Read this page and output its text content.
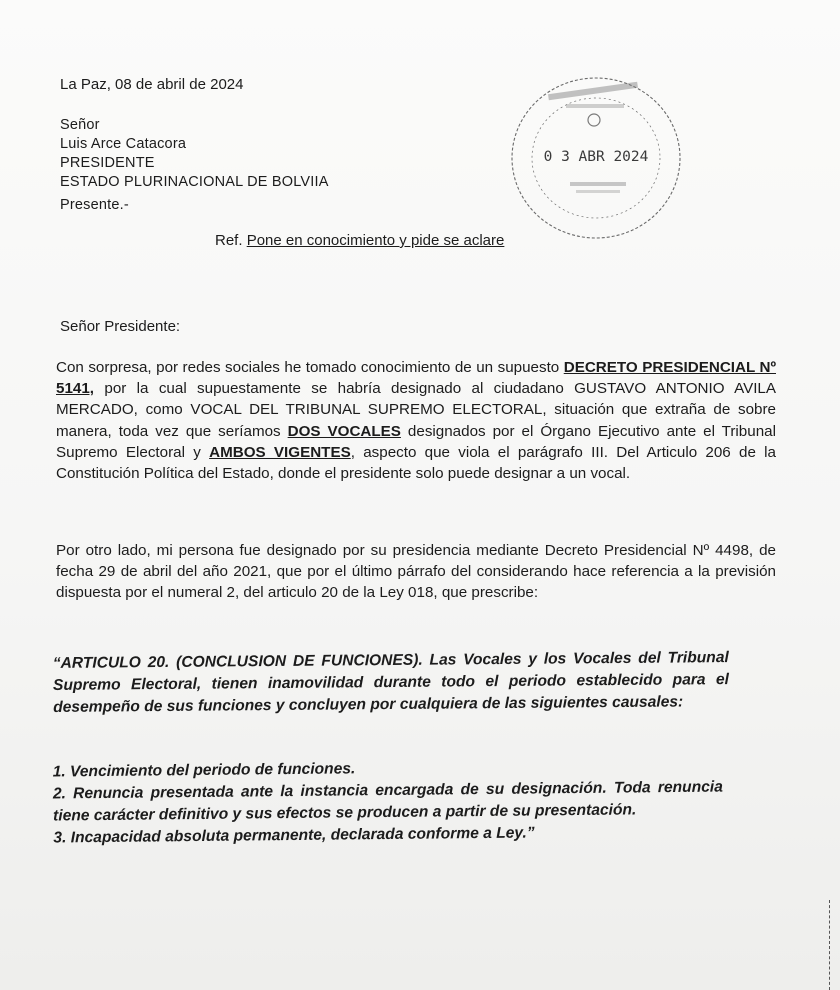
La Paz, 08 de abril de 2024
Señor
Luis Arce Catacora
PRESIDENTE
ESTADO PLURINACIONAL DE BOLVIIA
Presente.-
Ref. Pone en conocimiento y pide se aclare
0 3 ABR 2024
Señor Presidente:
Con sorpresa, por redes sociales he tomado conocimiento de un supuesto DECRETO PRESIDENCIAL Nº 5141, por la cual supuestamente se habría designado al ciudadano GUSTAVO ANTONIO AVILA MERCADO, como VOCAL DEL TRIBUNAL SUPREMO ELECTORAL, situación que extraña de sobre manera, toda vez que seríamos DOS VOCALES designados por el Órgano Ejecutivo ante el Tribunal Supremo Electoral y AMBOS VIGENTES, aspecto que viola el parágrafo III. Del Articulo 206 de la Constitución Política del Estado, donde el presidente solo puede designar a un vocal.
Por otro lado, mi persona fue designado por su presidencia mediante Decreto Presidencial Nº 4498, de fecha 29 de abril del año 2021, que por el último párrafo del considerando hace referencia a la previsión dispuesta por el numeral 2, del articulo 20 de la Ley 018, que prescribe:
“ARTICULO 20. (CONCLUSION DE FUNCIONES). Las Vocales y los Vocales del Tribunal Supremo Electoral, tienen inamovilidad durante todo el periodo establecido para el desempeño de sus funciones y concluyen por cualquiera de las siguientes causales:
1. Vencimiento del periodo de funciones.
2. Renuncia presentada ante la instancia encargada de su designación. Toda renuncia tiene carácter definitivo y sus efectos se producen a partir de su presentación.
3. Incapacidad absoluta permanente, declarada conforme a Ley.”
